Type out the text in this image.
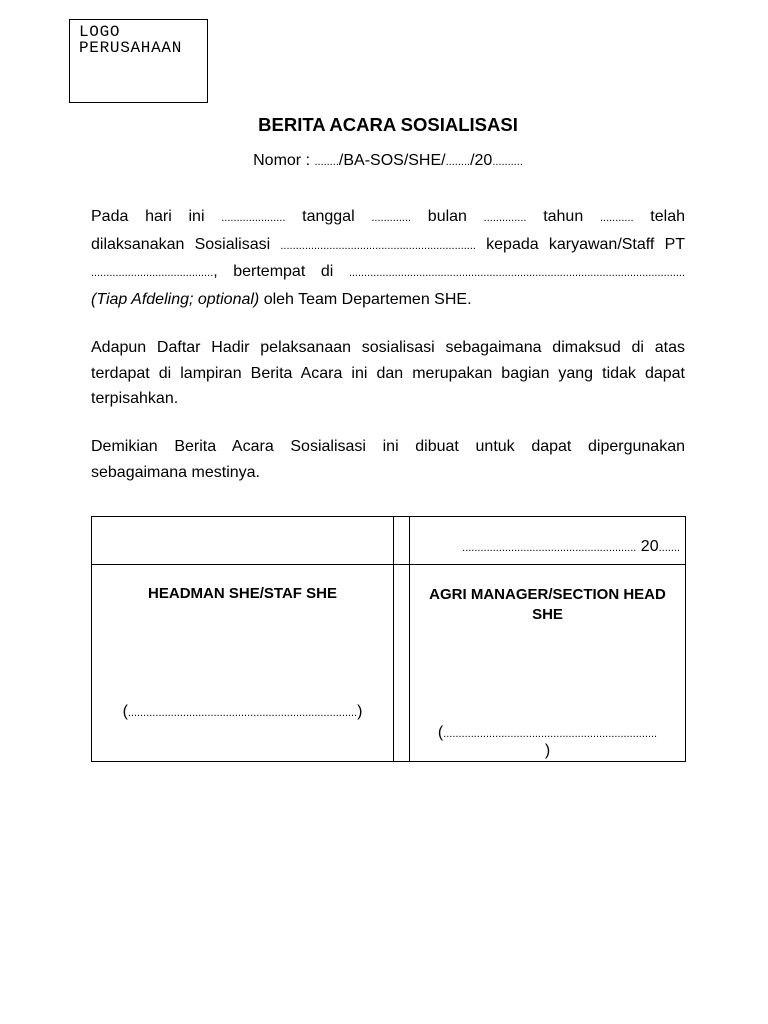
LOGO PERUSAHAAN
BERITA ACARA SOSIALISASI
Nomor : ......../BA-SOS/SHE/......../20..........
Pada hari ini ..................... tanggal ............. bulan .............. tahun ........... telah
dilaksanakan Sosialisasi ................................................................ kepada karyawan/Staff PT
........................................, bertempat di ..............................................................................................................
(Tiap Afdeling; optional) oleh Team Departemen SHE.
Adapun Daftar Hadir pelaksanaan sosialisasi sebagaimana dimaksud di atas
terdapat di lampiran Berita Acara ini dan merupakan bagian yang tidak dapat
terpisahkan.
Demikian Berita Acara Sosialisasi ini dibuat untuk dapat dipergunakan
sebagaimana mestinya.
......................................................... 20.......
HEADMAN SHE/STAF SHE
(...........................................................................)
AGRI MANAGER/SECTION HEAD SHE
(......................................................................
)
